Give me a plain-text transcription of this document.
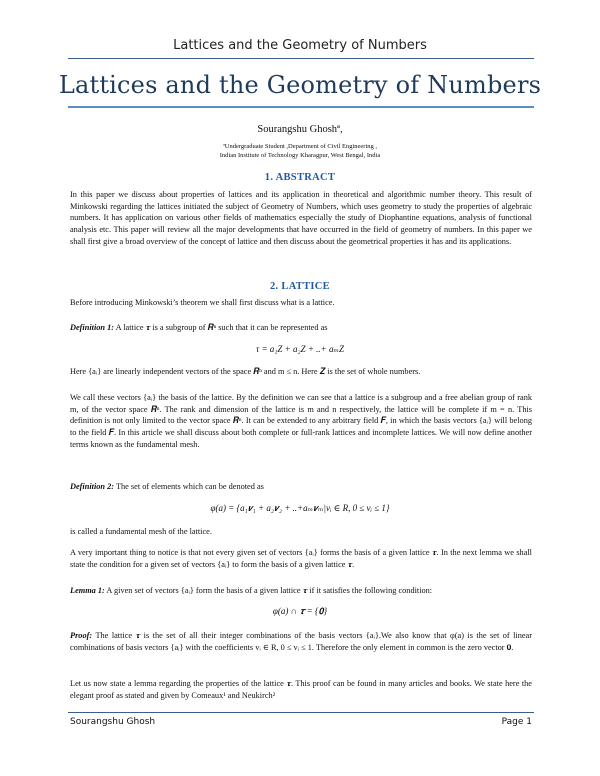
Lattices and the Geometry of Numbers
Lattices and the Geometry of Numbers
Sourangshu Ghoshª,
ªUndergraduate Student ,Department of Civil Engineering ,
Indian Institute of Technology Kharagpur, West Bengal, India
1. ABSTRACT

In this paper we discuss about properties of lattices and its application in theoretical and algorithmic number theory. This result of Minkowski regarding the lattices initiated the subject of Geometry of Numbers, which uses geometry to study the properties of algebraic numbers. It has application on various other fields of mathematics especially the study of Diophantine equations, analysis of functional analysis etc. This paper will review all the major developments that have occurred in the field of geometry of numbers. In this paper we shall first give a broad overview of the concept of lattice and then discuss about the geometrical properties it has and its applications.

2. LATTICE

Before introducing Minkowski’s theorem we shall first discuss what is a lattice.

Definition 1: A lattice 𝝉 is a subgroup of 𝑹ⁿ such that it can be represented as

τ = a₁Z + a₂Z + ..+ aₘZ

Here {aᵢ} are linearly independent vectors of the space 𝑹ⁿ and m ≤ n. Here 𝒁 is the set of whole numbers.

We call these vectors {aᵢ} the basis of the lattice. By the definition we can see that a lattice is a subgroup and a free abelian group of rank m, of the vector space 𝑹ⁿ. The rank and dimension of the lattice is m and n respectively, the lattice will be complete if m = n. This definition is not only limited to the vector space 𝑹ⁿ. It can be extended to any arbitrary field 𝑭, in which the basis vectors {aᵢ} will belong to the field 𝑭. In this article we shall discuss about both complete or full-rank lattices and incomplete lattices. We will now define another terms known as the fundamental mesh.

Definition 2: The set of elements which can be denoted as

φ(a) = {a₁𝒗₁ + a₂𝒗₂ + ..+aₘ𝒗ₘ|vᵢ ∈ R, 0 ≤ vᵢ ≤ 1}

is called a fundamental mesh of the lattice.

A very important thing to notice is that not every given set of vectors {aᵢ} forms the basis of a given lattice 𝝉. In the next lemma we shall state the condition for a given set of vectors {aᵢ} to form the basis of a given lattice 𝝉.

Lemma 1: A given set of vectors {aᵢ} form the basis of a given lattice 𝝉 if it satisfies the following condition:

φ(a) ∩ 𝝉 = {𝟎}

Proof: The lattice 𝝉 is the set of all their integer combinations of the basis vectors {aᵢ}.We also know that φ(a) is the set of linear combinations of basis vectors {aᵢ} with the coefficients vᵢ ∈ R, 0 ≤ vᵢ ≤ 1. Therefore the only element in common is the zero vector 𝟎.

Let us now state a lemma regarding the properties of the lattice 𝝉. This proof can be found in many articles and books. We state here the elegant proof as stated and given by Comeaux¹ and Neukirch²

Sourangshu Ghosh	Page 1
